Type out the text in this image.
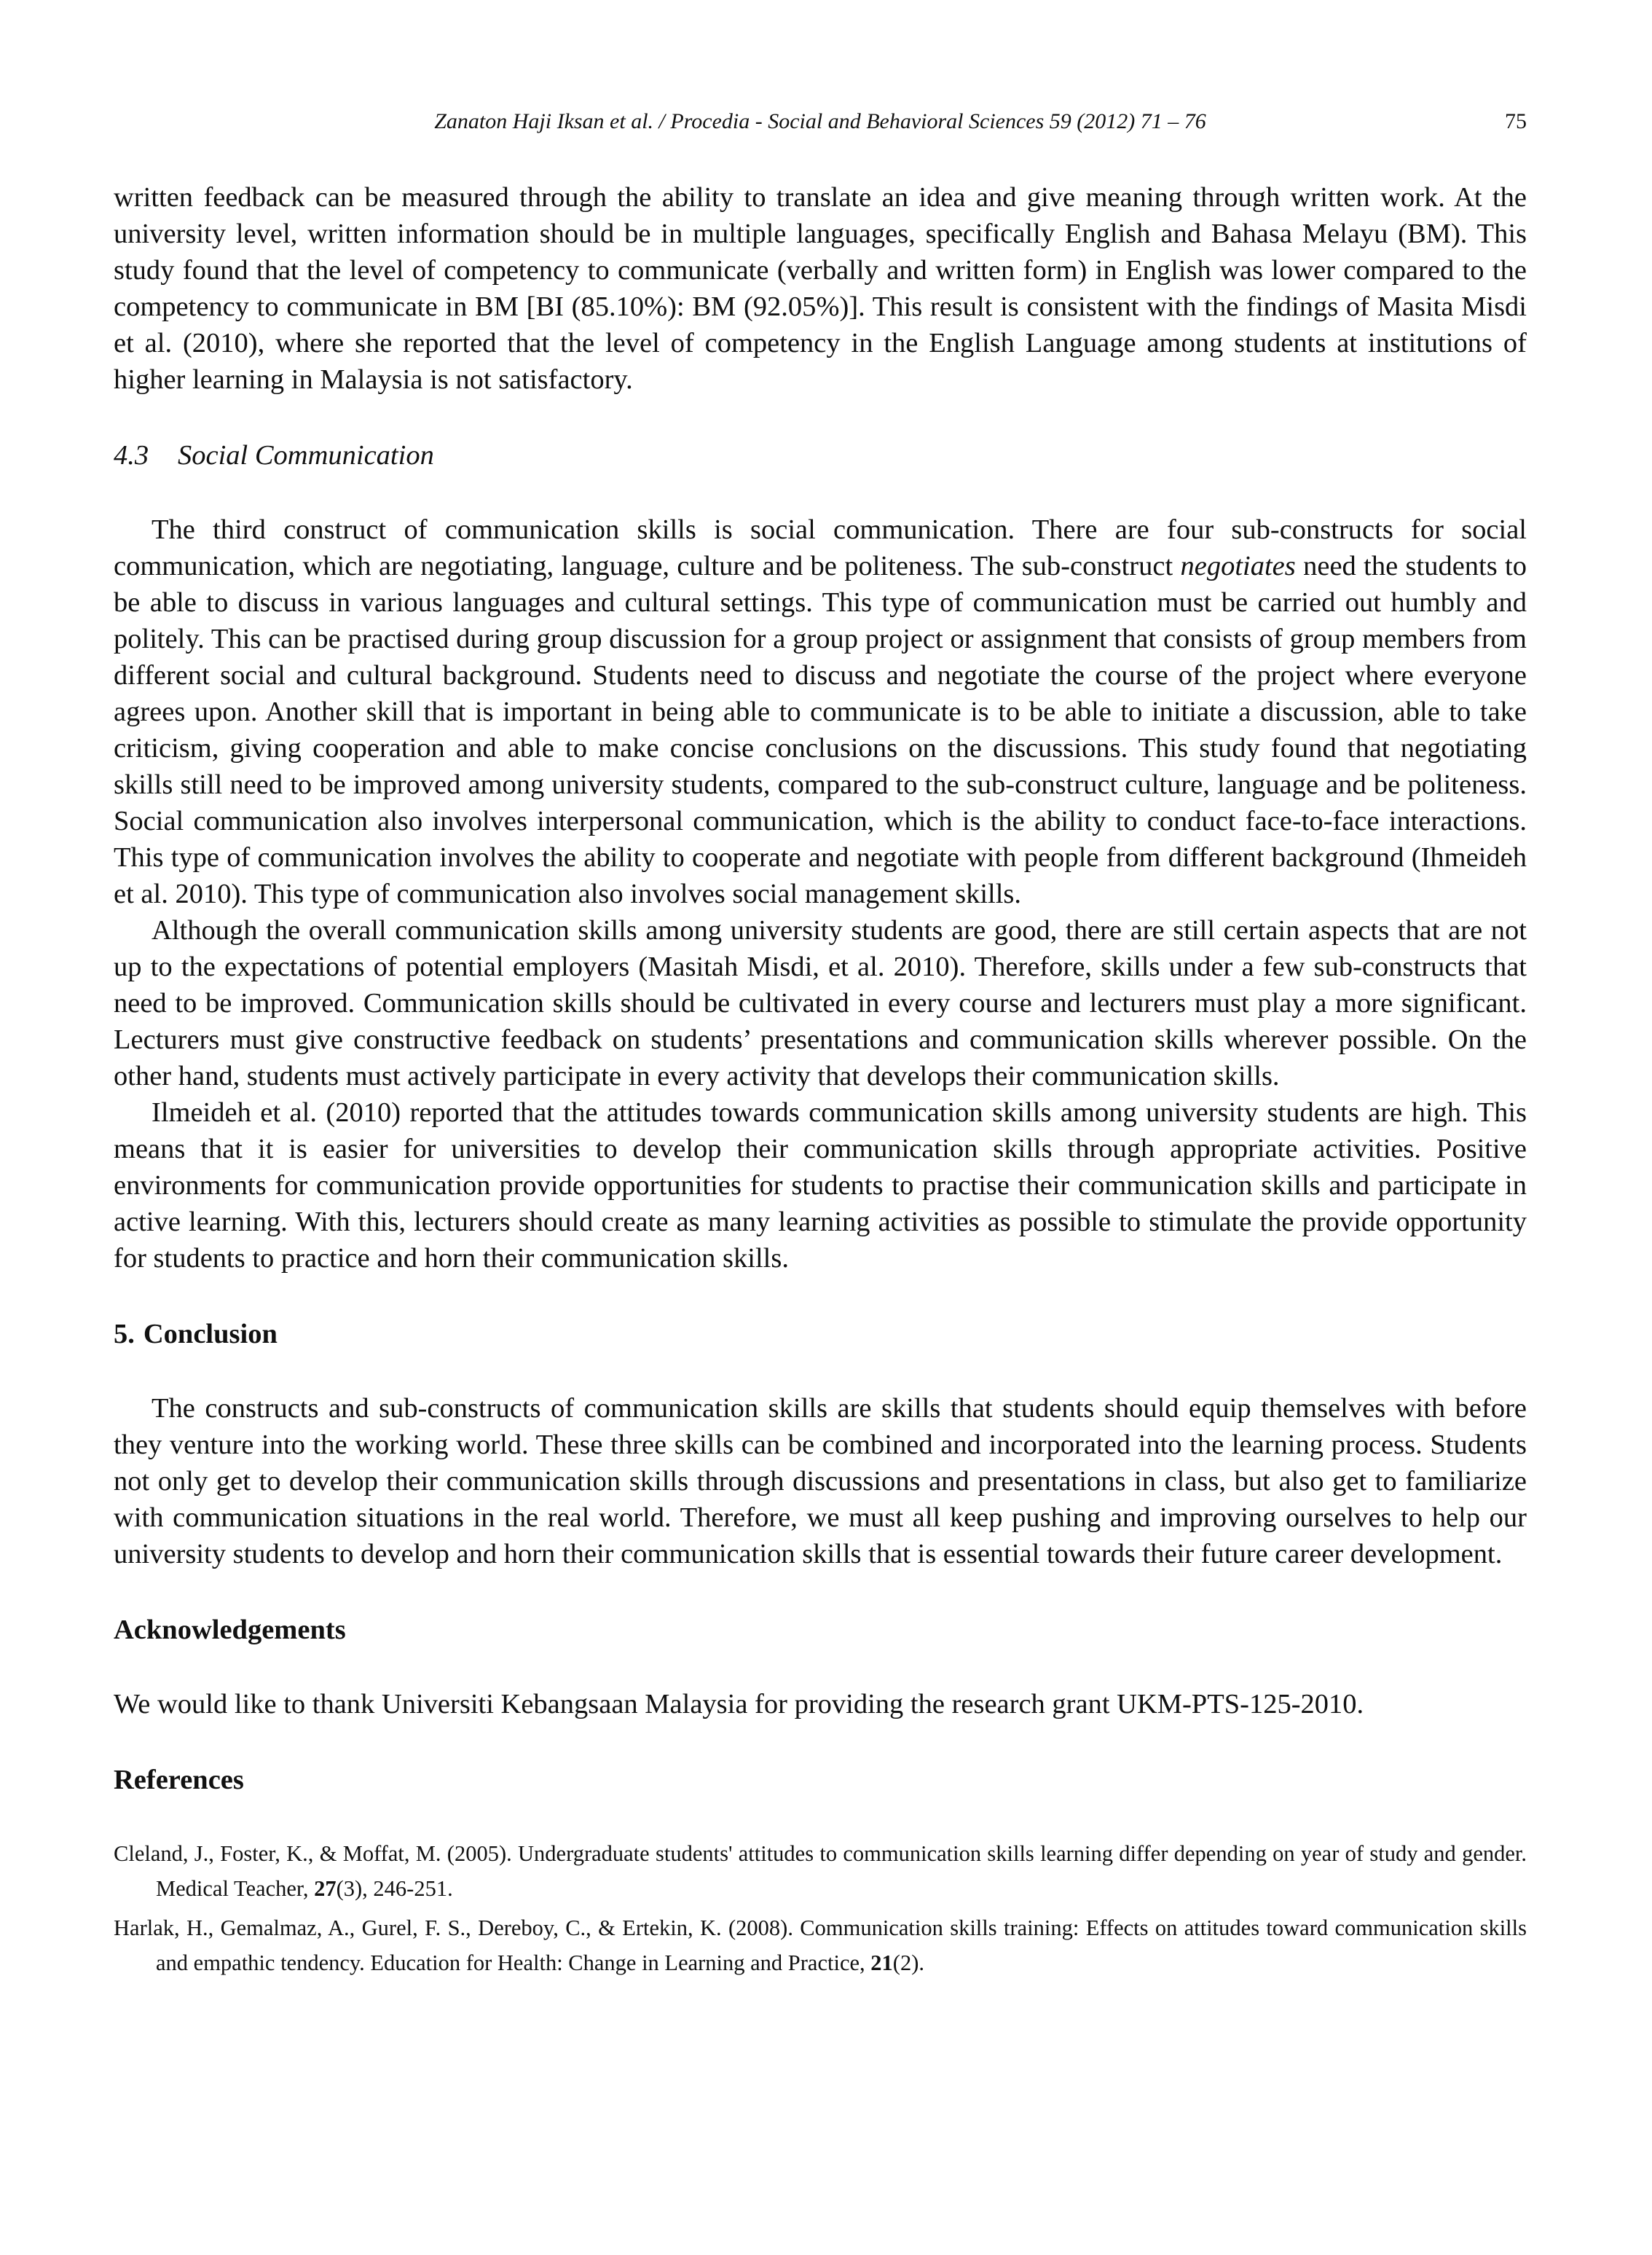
Zanaton Haji Iksan et al. / Procedia - Social and Behavioral Sciences 59 (2012) 71 – 76	75

written feedback can be measured through the ability to translate an idea and give meaning through written work. At the university level, written information should be in multiple languages, specifically English and Bahasa Melayu (BM). This study found that the level of competency to communicate (verbally and written form) in English was lower compared to the competency to communicate in BM [BI (85.10%): BM (92.05%)]. This result is consistent with the findings of Masita Misdi et al. (2010), where she reported that the level of competency in the English Language among students at institutions of higher learning in Malaysia is not satisfactory.

4.3 Social Communication

The third construct of communication skills is social communication. There are four sub-constructs for social communication, which are negotiating, language, culture and be politeness. The sub-construct negotiates need the students to be able to discuss in various languages and cultural settings. This type of communication must be carried out humbly and politely. This can be practised during group discussion for a group project or assignment that consists of group members from different social and cultural background. Students need to discuss and negotiate the course of the project where everyone agrees upon. Another skill that is important in being able to communicate is to be able to initiate a discussion, able to take criticism, giving cooperation and able to make concise conclusions on the discussions. This study found that negotiating skills still need to be improved among university students, compared to the sub-construct culture, language and be politeness. Social communication also involves interpersonal communication, which is the ability to conduct face-to-face interactions. This type of communication involves the ability to cooperate and negotiate with people from different background (Ihmeideh et al. 2010). This type of communication also involves social management skills.

Although the overall communication skills among university students are good, there are still certain aspects that are not up to the expectations of potential employers (Masitah Misdi, et al. 2010). Therefore, skills under a few sub-constructs that need to be improved. Communication skills should be cultivated in every course and lecturers must play a more significant. Lecturers must give constructive feedback on students’ presentations and communication skills wherever possible. On the other hand, students must actively participate in every activity that develops their communication skills.

Ilmeideh et al. (2010) reported that the attitudes towards communication skills among university students are high. This means that it is easier for universities to develop their communication skills through appropriate activities. Positive environments for communication provide opportunities for students to practise their communication skills and participate in active learning. With this, lecturers should create as many learning activities as possible to stimulate the provide opportunity for students to practice and horn their communication skills.

5. Conclusion

The constructs and sub-constructs of communication skills are skills that students should equip themselves with before they venture into the working world. These three skills can be combined and incorporated into the learning process. Students not only get to develop their communication skills through discussions and presentations in class, but also get to familiarize with communication situations in the real world. Therefore, we must all keep pushing and improving ourselves to help our university students to develop and horn their communication skills that is essential towards their future career development.

Acknowledgements

We would like to thank Universiti Kebangsaan Malaysia for providing the research grant UKM-PTS-125-2010.

References

Cleland, J., Foster, K., & Moffat, M. (2005). Undergraduate students' attitudes to communication skills learning differ depending on year of study and gender. Medical Teacher, 27(3), 246-251.

Harlak, H., Gemalmaz, A., Gurel, F. S., Dereboy, C., & Ertekin, K. (2008). Communication skills training: Effects on attitudes toward communication skills and empathic tendency. Education for Health: Change in Learning and Practice, 21(2).
